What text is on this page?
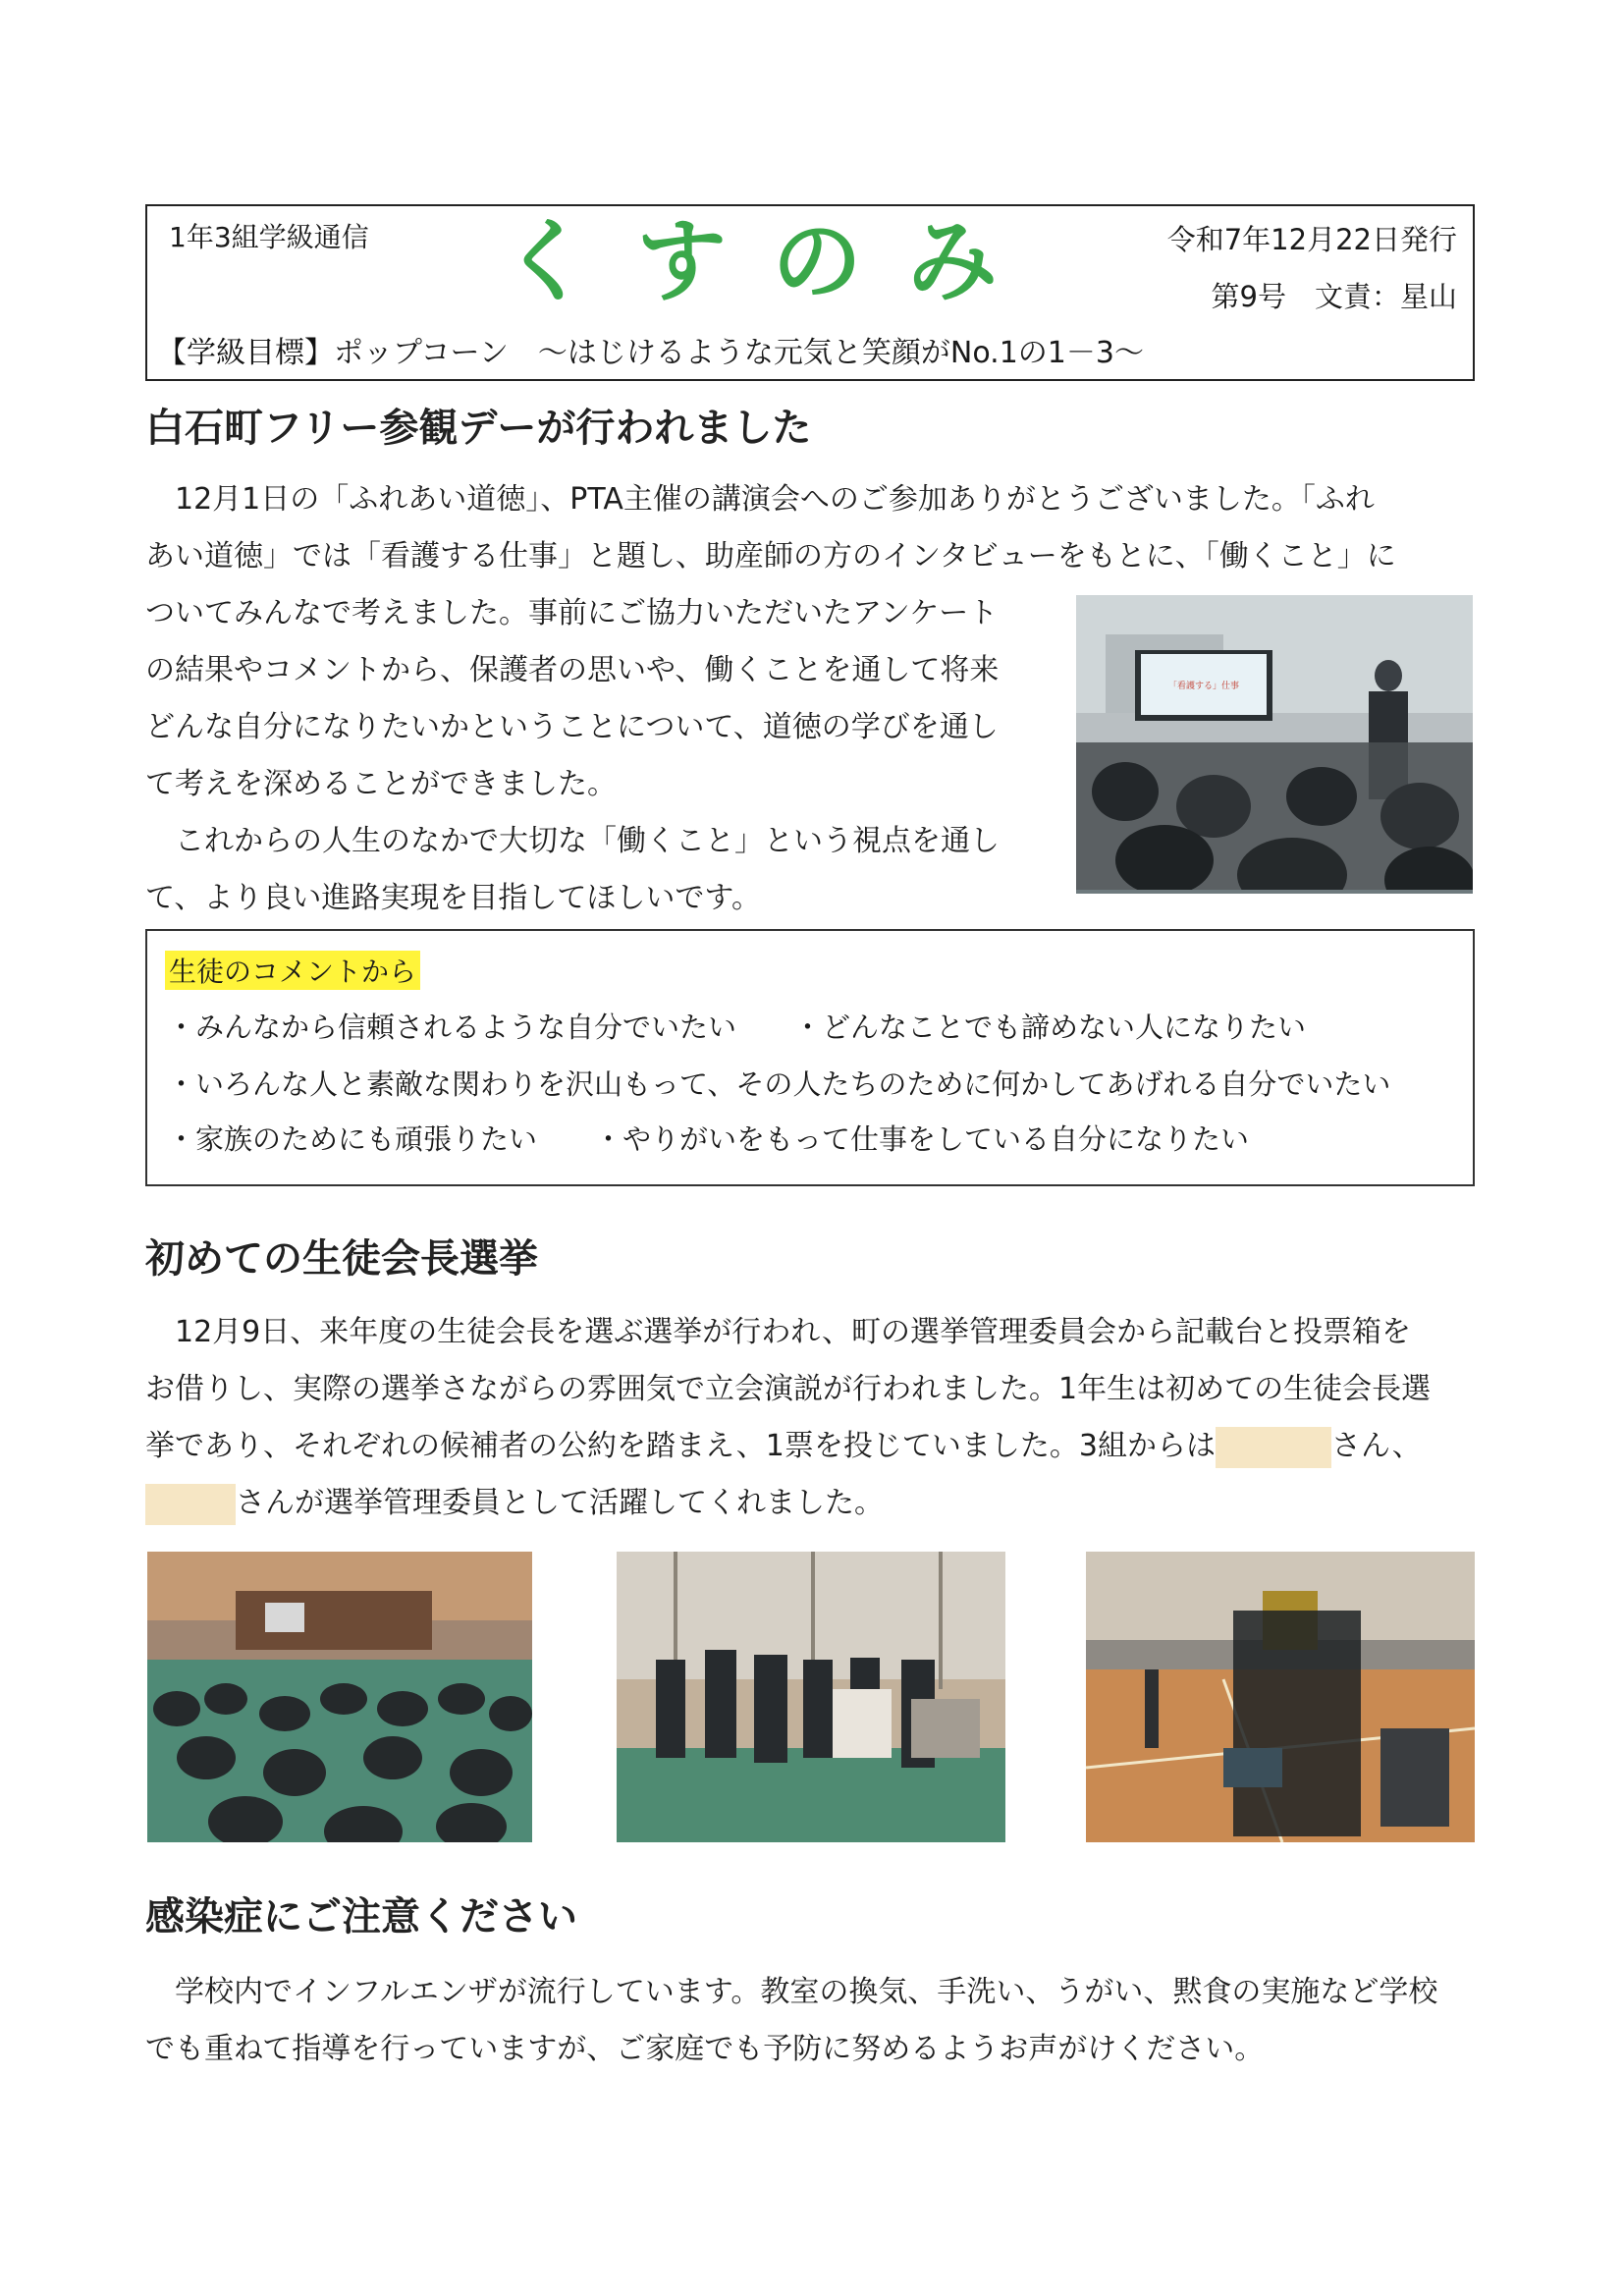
1年3組学級通信 くすのみ	令和7年12月22日発行
第9号　文責：星山
【学級目標】ポップコーン　～はじけるような元気と笑顔がNo.1の1－3～
白石町フリー参観デーが行われました
　12月1日の「ふれあい道徳」、PTA主催の講演会へのご参加ありがとうございました。「ふれ
あい道徳」では「看護する仕事」と題し、助産師の方のインタビューをもとに、「働くこと」に
ついてみんなで考えました。事前にご協力いただいたアンケート
の結果やコメントから、保護者の思いや、働くことを通して将来
どんな自分になりたいかということについて、道徳の学びを通し
て考えを深めることができました。
　これからの人生のなかで大切な「働くこと」という視点を通し
て、より良い進路実現を目指してほしいです。
「看護する」仕事
生徒のコメントから
・みんなから信頼されるような自分でいたい　　・どんなことでも諦めない人になりたい
・いろんな人と素敵な関わりを沢山もって、その人たちのために何かしてあげれる自分でいたい
・家族のためにも頑張りたい　　・やりがいをもって仕事をしている自分になりたい
初めての生徒会長選挙
　12月9日、来年度の生徒会長を選ぶ選挙が行われ、町の選挙管理委員会から記載台と投票箱を
お借りし、実際の選挙さながらの雰囲気で立会演説が行われました。1年生は初めての生徒会長選
挙であり、それぞれの候補者の公約を踏まえ、1票を投じていました。3組からは	さん、
さんが選挙管理委員として活躍してくれました。
感染症にご注意ください
　学校内でインフルエンザが流行しています。教室の換気、手洗い、うがい、黙食の実施など学校
でも重ねて指導を行っていますが、ご家庭でも予防に努めるようお声がけください。
